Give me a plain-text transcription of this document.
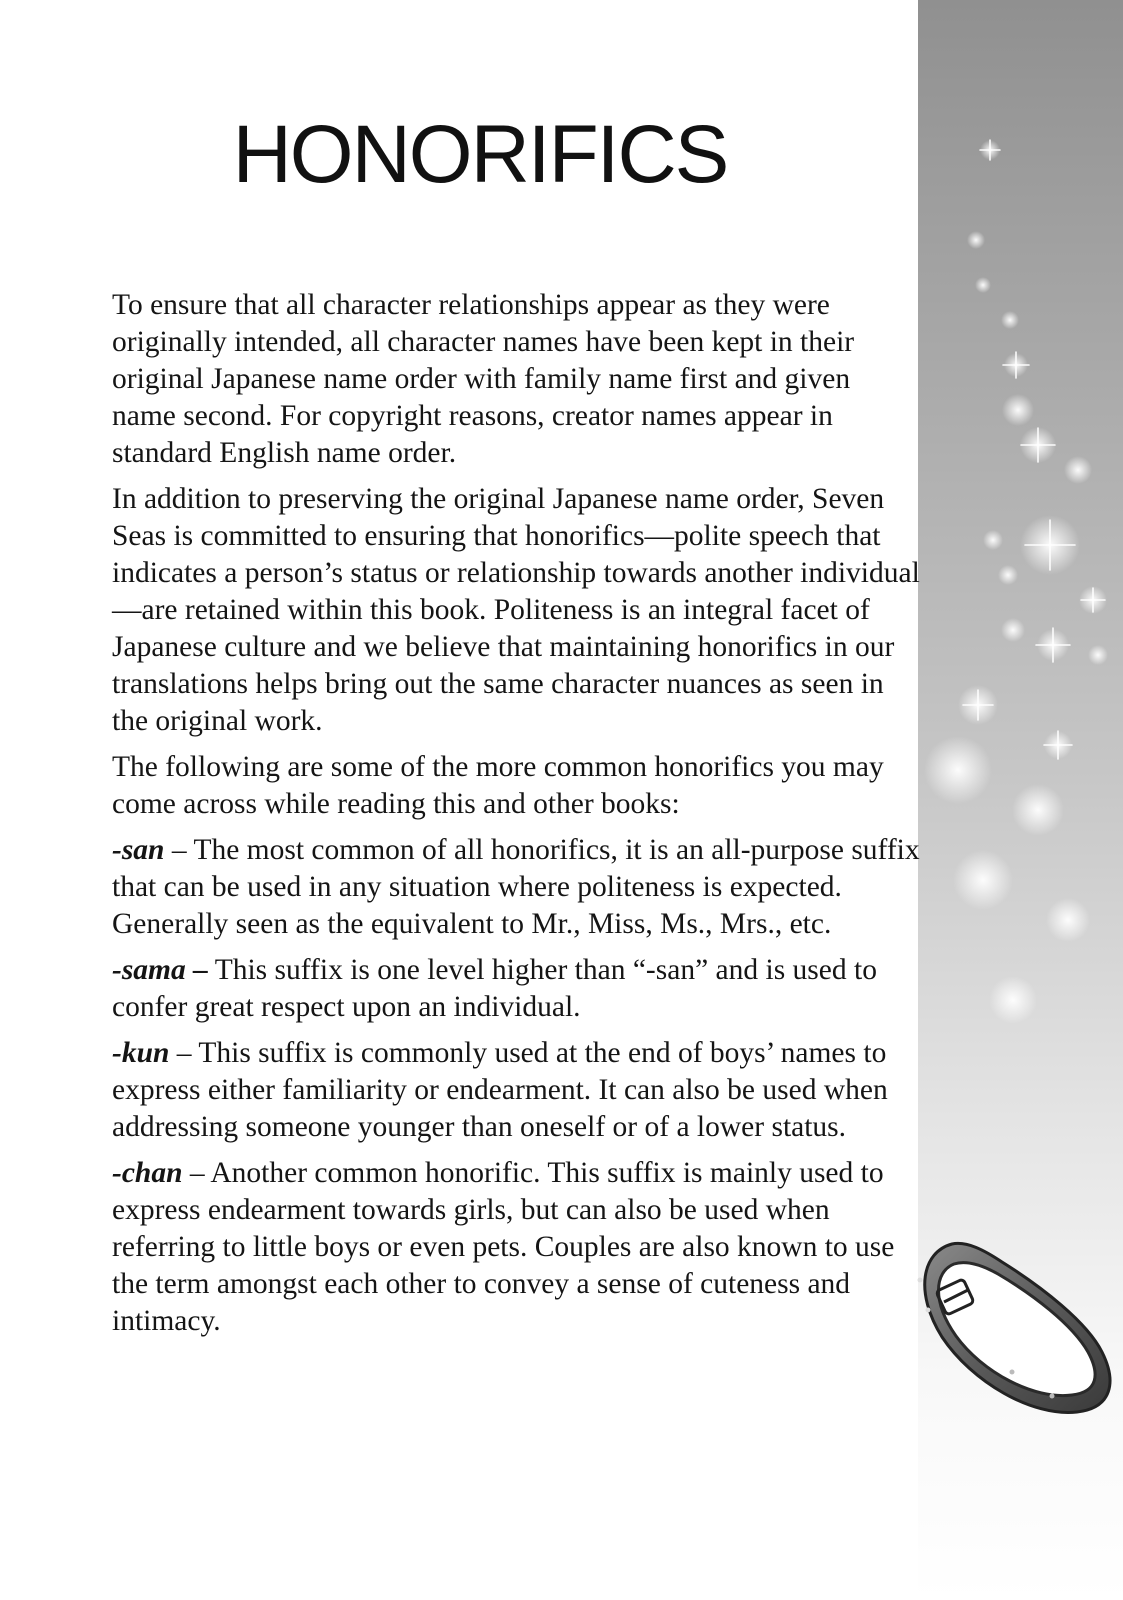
HONORIFICS

To ensure that all character relationships appear as they were originally intended, all character names have been kept in their original Japanese name order with family name first and given name second. For copyright reasons, creator names appear in standard English name order.

In addition to preserving the original Japanese name order, Seven Seas is committed to ensuring that honorifics—polite speech that indicates a person’s status or relationship towards another individual—are retained within this book. Politeness is an integral facet of Japanese culture and we believe that maintaining honorifics in our translations helps bring out the same character nuances as seen in the original work.

The following are some of the more common honorifics you may come across while reading this and other books:

-san – The most common of all honorifics, it is an all-purpose suffix that can be used in any situation where politeness is expected. Generally seen as the equivalent to Mr., Miss, Ms., Mrs., etc.

-sama – This suffix is one level higher than “-san” and is used to confer great respect upon an individual.

-kun – This suffix is commonly used at the end of boys’ names to express either familiarity or endearment. It can also be used when addressing someone younger than oneself or of a lower status.

-chan – Another common honorific. This suffix is mainly used to express endearment towards girls, but can also be used when referring to little boys or even pets. Couples are also known to use the term amongst each other to convey a sense of cuteness and intimacy.
